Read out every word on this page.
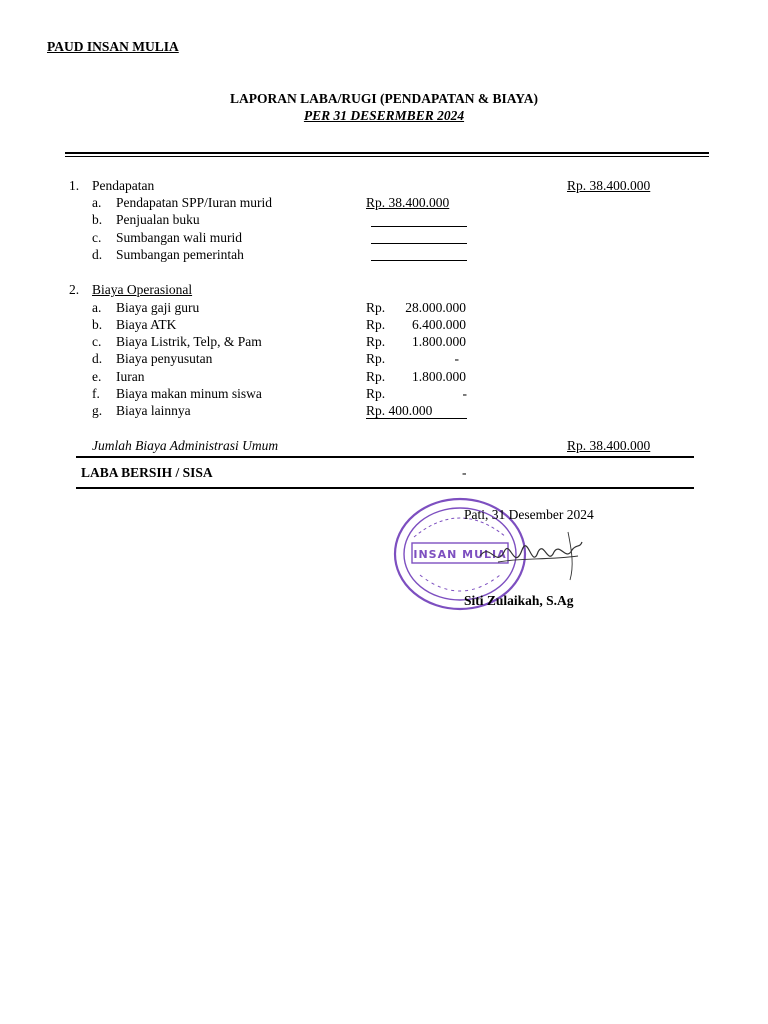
PAUD INSAN MULIA
LAPORAN LABA/RUGI (PENDAPATAN & BIAYA)
PER 31 DESERMBER 2024
1. Pendapatan	Rp. 38.400.000
a. Pendapatan SPP/Iuran murid	Rp. 38.400.000
b. Penjualan buku
c. Sumbangan wali murid
d. Sumbangan pemerintah
2. Biaya Operasional
a. Biaya gaji guru	Rp.	28.000.000
b. Biaya ATK	Rp.	6.400.000
c. Biaya Listrik, Telp, & Pam	Rp.	1.800.000
d. Biaya penyusutan	Rp.	-
e. Iuran	Rp.	1.800.000
f. Biaya makan minum siswa	Rp.	-
g. Biaya lainnya	Rp. 400.000
Jumlah Biaya Administrasi Umum	Rp. 38.400.000
LABA BERSIH / SISA	-
INSAN MULIA
Pati, 31 Desember 2024
Siti Zulaikah, S.Ag
